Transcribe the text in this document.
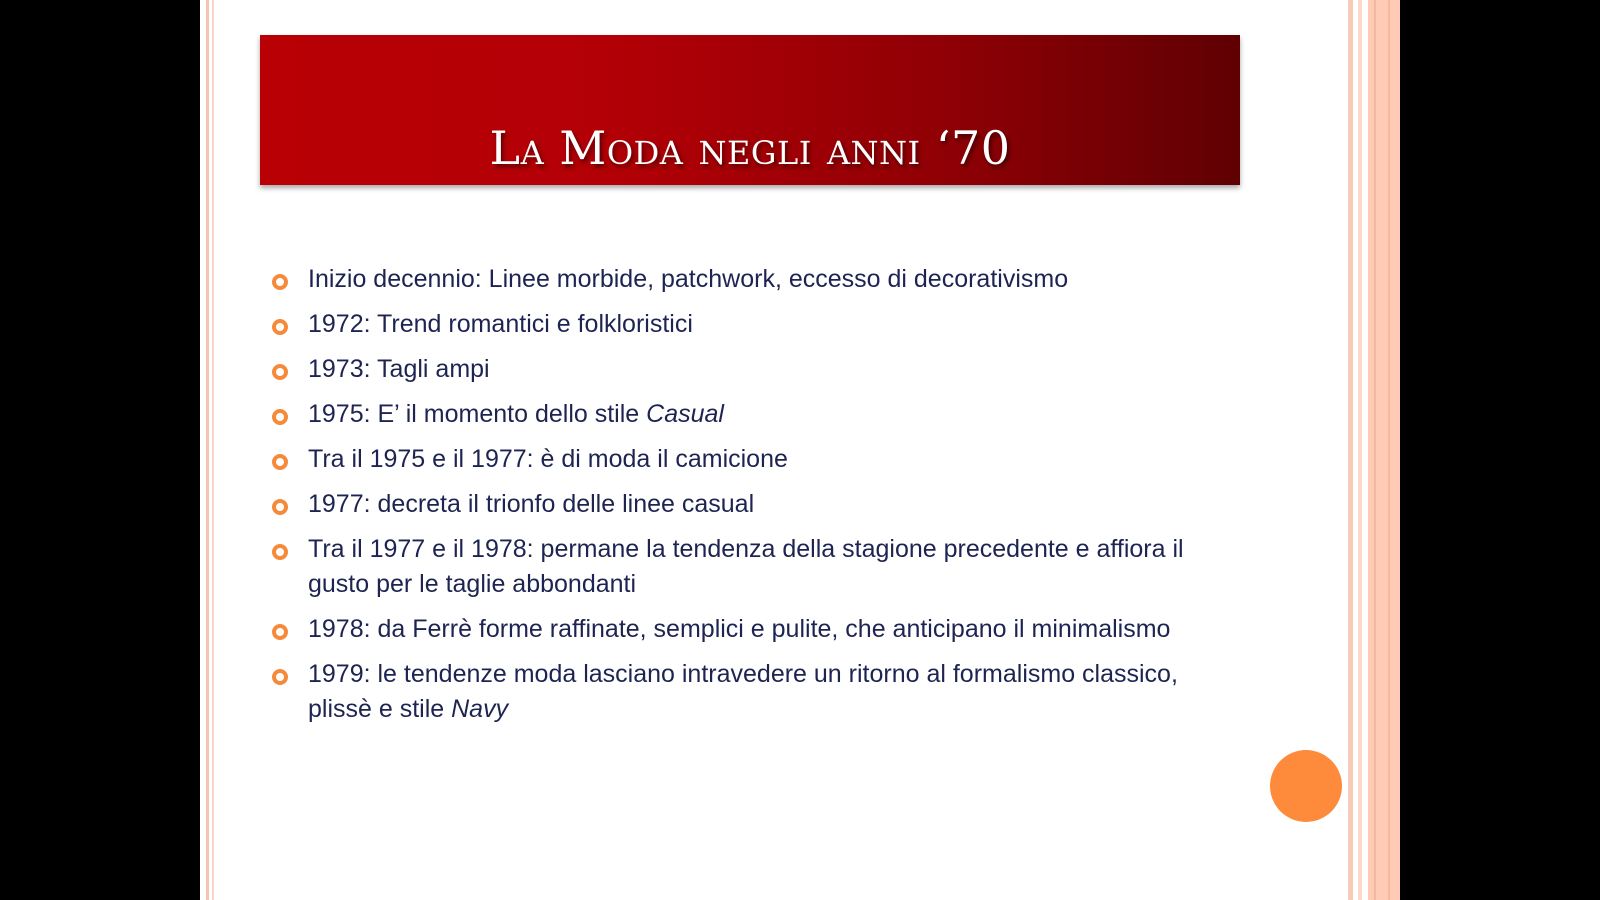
La Moda negli anni ‘70
Inizio decennio: Linee morbide, patchwork, eccesso di decorativismo
1972: Trend romantici e folkloristici
1973: Tagli ampi
1975: E’ il momento dello stile Casual
Tra il 1975 e il 1977: è di moda il camicione
1977: decreta il trionfo delle linee casual
Tra il 1977 e il 1978: permane la tendenza della stagione precedente e affiora il gusto per le taglie abbondanti
1978: da Ferrè forme raffinate, semplici e pulite, che anticipano il minimalismo
1979: le tendenze moda lasciano intravedere un ritorno al formalismo classico, plissè e stile Navy
